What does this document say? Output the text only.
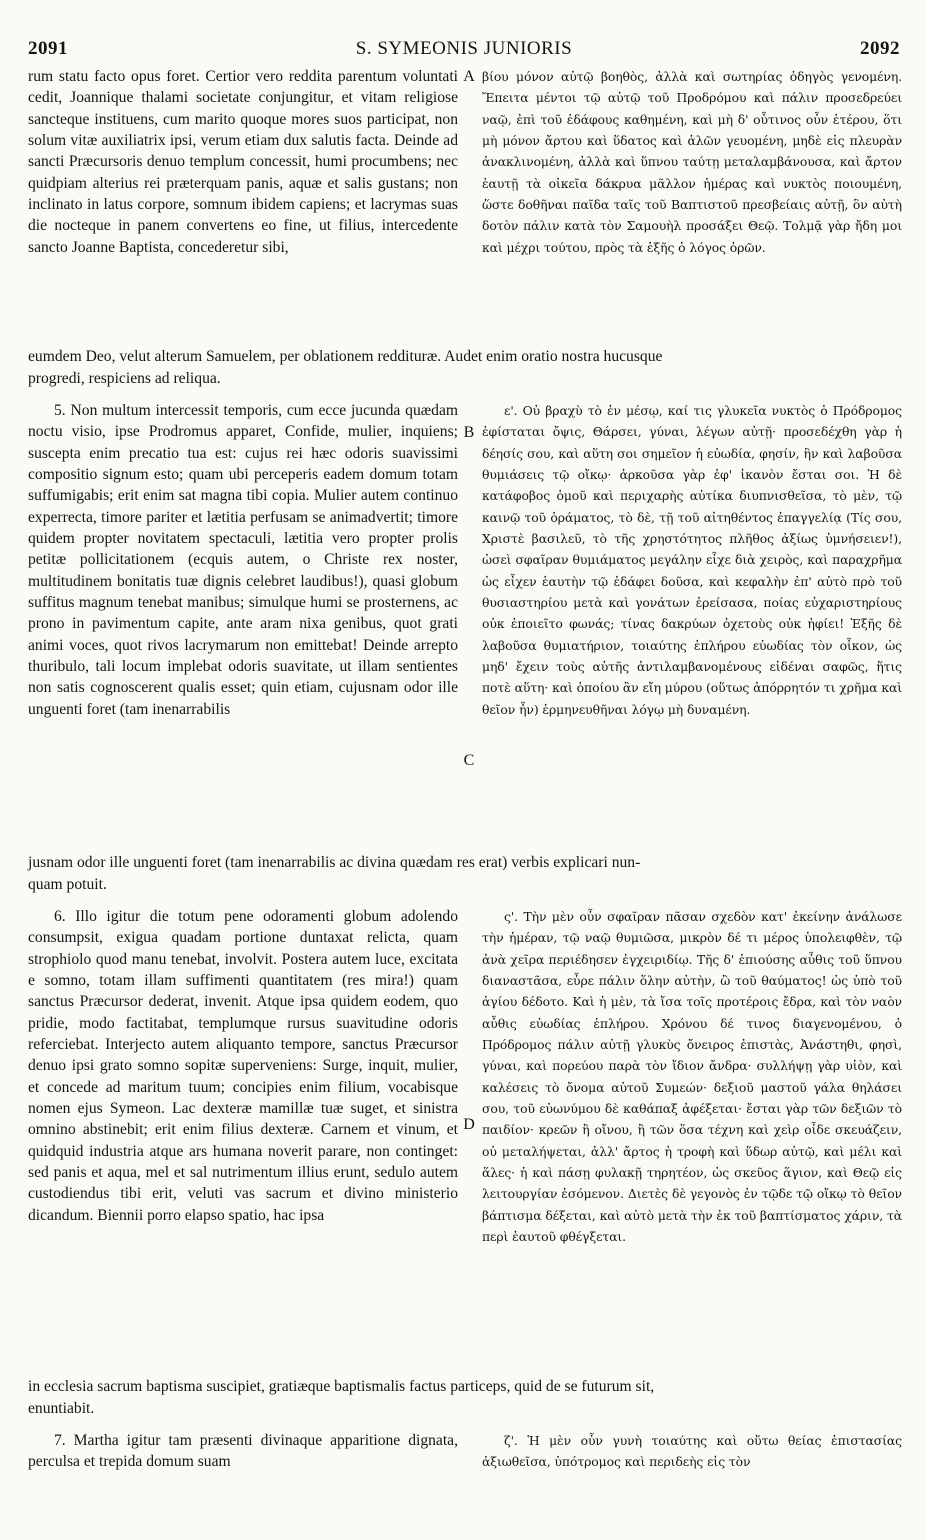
2091	S. SYMEONIS JUNIORIS	2092

rum statu facto opus foret. Certior vero reddita parentum voluntati cedit, Joannique thalami societate conjungitur, et vitam religiose sancteque instituens, cum marito quoque mores suos participat, non solum vitæ auxiliatrix ipsi, verum etiam dux salutis facta. Deinde ad sancti Præcursoris denuo templum concessit, humi procumbens; nec quidpiam alterius rei præterquam panis, aquæ et salis gustans; non inclinato in latus corpore, somnum ibidem capiens; et lacrymas suas die nocteque in panem convertens eo fine, ut filius, intercedente sancto Joanne Baptista, concederetur sibi,

A βίου μόνον αὐτῷ βοηθὸς, ἀλλὰ καὶ σωτηρίας ὁδηγὸς γενομένη. Ἔπειτα μέντοι τῷ αὐτῷ τοῦ Προδρόμου καὶ πάλιν προσεδρεύει ναῷ, ἐπὶ τοῦ ἐδάφους καθημένη, καὶ μὴ δ' οὗτινος οὖν ἑτέρου, ὅτι μὴ μόνον ἄρτου καὶ ὕδατος καὶ ἁλῶν γευομένη, μηδὲ εἰς πλευρὰν ἀνακλινομένη, ἀλλὰ καὶ ὕπνου ταύτῃ μεταλαμβάνουσα, καὶ ἄρτον ἑαυτῇ τὰ οἰκεῖα δάκρυα μᾶλλον ἡμέρας καὶ νυκτὸς ποιουμένη, ὥστε δοθῆναι παῖδα ταῖς τοῦ Βαπτιστοῦ πρεσβείαις αὐτῇ, ὃν αὐτὴ δοτὸν πάλιν κατὰ τὸν Σαμουὴλ προσάξει Θεῷ. Τολμᾷ γὰρ ἤδη μοι καὶ μέχρι τούτου, πρὸς τὰ ἑξῆς ὁ λόγος ὁρῶν.

eumdem Deo, velut alterum Samuelem, per oblationem reddituræ. Audet enim oratio nostra hucusque
progredi, respiciens ad reliqua.

5. Non multum intercessit temporis, cum ecce jucunda quædam noctu visio, ipse Prodromus apparet, Confide, mulier, inquiens; suscepta enim precatio tua est: cujus rei hæc odoris suavissimi compositio signum esto; quam ubi perceperis eadem domum totam suffumigabis; erit enim sat magna tibi copia. Mulier autem continuo experrecta, timore pariter et lætitia perfusam se animadvertit; timore quidem propter novitatem spectaculi, lætitia vero propter prolis petitæ pollicitationem (ecquis autem, o Christe rex noster, multitudinem bonitatis tuæ dignis celebret laudibus!), quasi globum suffitus magnum tenebat manibus; simulque humi se prosternens, ac prono in pavimentum capite, ante aram nixa genibus, quot grati animi voces, quot rivos lacrymarum non emittebat! Deinde arrepto thuribulo, tali locum implebat odoris suavitate, ut illam sentientes non satis cognoscerent qualis esset; quin etiam, cujusnam odor ille unguenti foret (tam inenarrabilis

B
C

ε'. Οὐ βραχὺ τὸ ἐν μέσῳ, καί τις γλυκεῖα νυκτὸς ὁ Πρόδρομος ἐφίσταται ὄψις, Θάρσει, γύναι, λέγων αὐτῇ· προσεδέχθη γὰρ ἡ δέησίς σου, καὶ αὕτη σοι σημεῖον ἡ εὐωδία, φησίν, ἣν καὶ λαβοῦσα θυμιάσεις τῷ οἴκῳ· ἀρκοῦσα γὰρ ἐφ' ἱκανὸν ἔσται σοι. Ἡ δὲ κατάφοβος ὁμοῦ καὶ περιχαρὴς αὐτίκα διυπνισθεῖσα, τὸ μὲν, τῷ καινῷ τοῦ ὁράματος, τὸ δὲ, τῇ τοῦ αἰτηθέντος ἐπαγγελίᾳ (Τίς σου, Χριστὲ βασιλεῦ, τὸ τῆς χρηστότητος πλῆθος ἀξίως ὑμνήσειεν!), ὡσεὶ σφαῖραν θυμιάματος μεγάλην εἶχε διὰ χειρὸς, καὶ παραχρῆμα ὡς εἶχεν ἑαυτὴν τῷ ἐδάφει δοῦσα, καὶ κεφαλὴν ἐπ' αὐτὸ πρὸ τοῦ θυσιαστηρίου μετὰ καὶ γονάτων ἐρείσασα, ποίας εὐχαριστηρίους οὐκ ἐποιεῖτο φωνάς; τίνας δακρύων ὀχετοὺς οὐκ ἠφίει! Ἑξῆς δὲ λαβοῦσα θυμιατήριον, τοιαύτης ἐπλήρου εὐωδίας τὸν οἶκον, ὡς μηδ' ἔχειν τοὺς αὐτῆς ἀντιλαμβανομένους εἰδέναι σαφῶς, ἥτις ποτὲ αὕτη· καὶ ὁποίου ἂν εἴη μύρου (οὕτως ἀπόρρητόν τι χρῆμα καὶ θεῖον ἦν) ἑρμηνευθῆναι λόγῳ μὴ δυναμένη.

jusnam odor ille unguenti foret (tam inenarrabilis ac divina quædam res erat) verbis explicari nun-
quam potuit.

6. Illo igitur die totum pene odoramenti globum adolendo consumpsit, exigua quadam portione duntaxat relicta, quam strophiolo quod manu tenebat, involvit. Postera autem luce, excitata e somno, totam illam suffimenti quantitatem (res mira!) quam sanctus Præcursor dederat, invenit. Atque ipsa quidem eodem, quo pridie, modo factitabat, templumque rursus suavitudine odoris referciebat. Interjecto autem aliquanto tempore, sanctus Præcursor denuo ipsi grato somno sopitæ superveniens: Surge, inquit, mulier, et concede ad maritum tuum; concipies enim filium, vocabisque nomen ejus Symeon. Lac dexteræ mamillæ tuæ suget, et sinistra omnino abstinebit; erit enim filius dexteræ. Carnem et vinum, et quidquid industria atque ars humana noverit parare, non continget: sed panis et aqua, mel et sal nutrimentum illius erunt, sedulo autem custodiendus tibi erit, veluti vas sacrum et divino ministerio dicandum. Biennii porro elapso spatio, hac ipsa

D

ς'. Τὴν μὲν οὖν σφαῖραν πᾶσαν σχεδὸν κατ' ἐκείνην ἀνάλωσε τὴν ἡμέραν, τῷ ναῷ θυμιῶσα, μικρὸν δέ τι μέρος ὑπολειφθὲν, τῷ ἀνὰ χεῖρα περιέδησεν ἐγχειριδίῳ. Τῆς δ' ἐπιούσης αὖθις τοῦ ὕπνου διαναστᾶσα, εὗρε πάλιν ὅλην αὐτὴν, ὢ τοῦ θαύματος! ὡς ὑπὸ τοῦ ἁγίου δέδοτο. Καὶ ἡ μὲν, τὰ ἴσα τοῖς προτέροις ἔδρα, καὶ τὸν ναὸν αὖθις εὐωδίας ἐπλήρου. Χρόνου δέ τινος διαγενομένου, ὁ Πρόδρομος πάλιν αὐτῇ γλυκὺς ὄνειρος ἐπιστὰς, Ἀνάστηθι, φησὶ, γύναι, καὶ πορεύου παρὰ τὸν ἴδιον ἄνδρα· συλλήψῃ γὰρ υἱὸν, καὶ καλέσεις τὸ ὄνομα αὐτοῦ Συμεών· δεξιοῦ μαστοῦ γάλα θηλάσει σου, τοῦ εὐωνύμου δὲ καθάπαξ ἀφέξεται· ἔσται γὰρ τῶν δεξιῶν τὸ παιδίον· κρεῶν ἢ οἴνου, ἢ τῶν ὅσα τέχνη καὶ χεὶρ οἶδε σκευάζειν, οὐ μεταλήψεται, ἀλλ' ἄρτος ἡ τροφὴ καὶ ὕδωρ αὐτῷ, καὶ μέλι καὶ ἅλες· ἡ καὶ πάσῃ φυλακῇ τηρητέον, ὡς σκεῦος ἅγιον, καὶ Θεῷ εἰς λειτουργίαν ἐσόμενον. Διετὲς δὲ γεγονὸς ἐν τῷδε τῷ οἴκῳ τὸ θεῖον βάπτισμα δέξεται, καὶ αὐτὸ μετὰ τὴν ἐκ τοῦ βαπτίσματος χάριν, τὰ περὶ ἑαυτοῦ φθέγξεται.

in ecclesia sacrum baptisma suscipiet, gratiæque baptismalis factus particeps, quid de se futurum sit,
enuntiabit.

7. Martha igitur tam præsenti divinaque apparitione dignata, perculsa et trepida domum suam

ζ'. Ἡ μὲν οὖν γυνὴ τοιαύτης καὶ οὕτω θείας ἐπιστασίας ἀξιωθεῖσα, ὑπότρομος καὶ περιδεὴς εἰς τὸν
